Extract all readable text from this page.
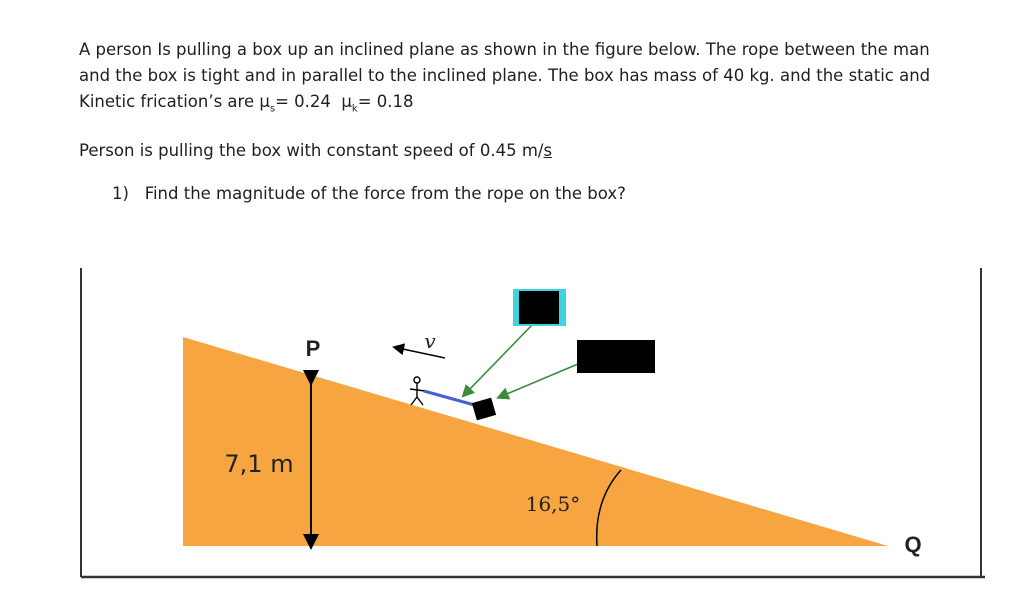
A person Is pulling a box up an inclined plane as shown in the figure below. The rope between the man
and the box is tight and in parallel to the inclined plane. The box has mass of 40 kg. and the static and
Kinetic frication’s are $\mu_s= 0.24$  $\mu_k= 0.18$

Person is pulling the box with constant speed of 0.45 m/s

1) Find the magnitude of the force from the rope on the box?

7,1 m
P
Q
16,5°
v
